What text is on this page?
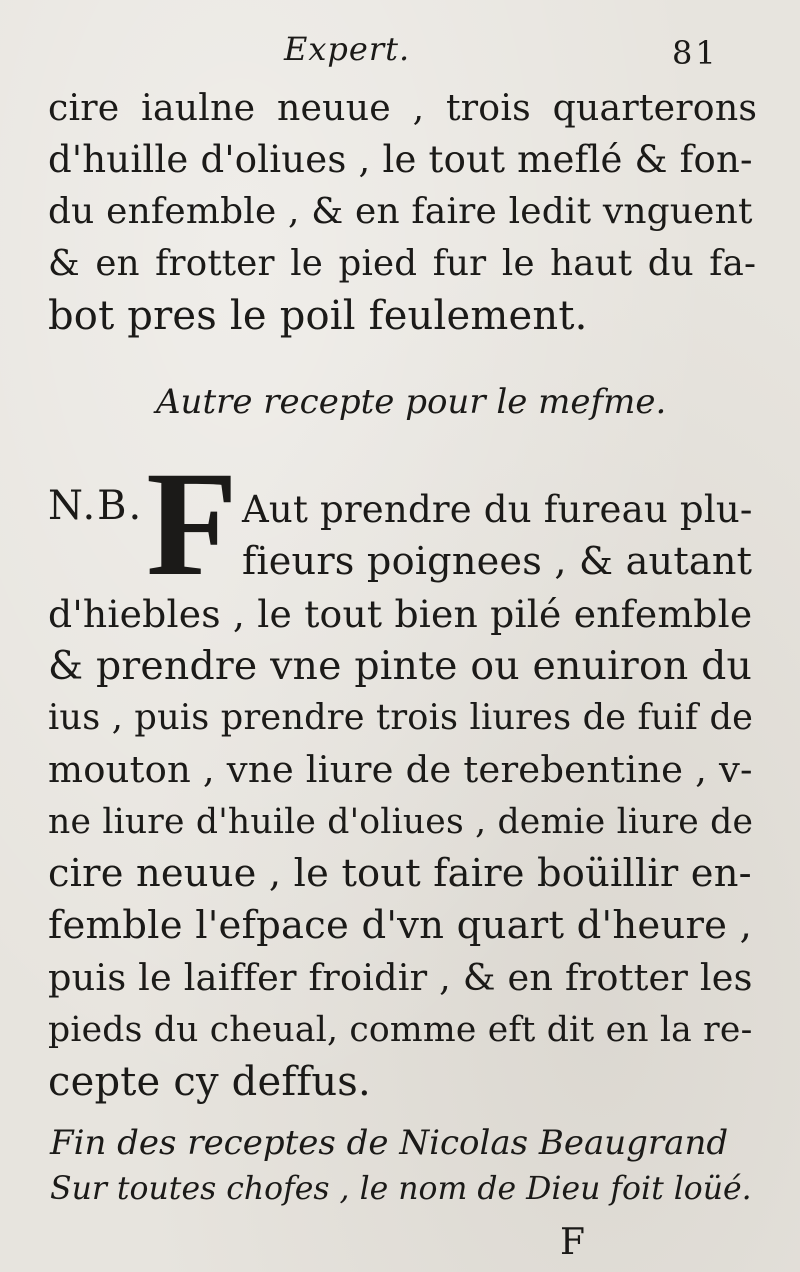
Expert.	81
cire iaulne neuue , trois quarterons
d'huille d'oliues , le tout meflé & fon-
du enfemble , & en faire ledit vnguent
& en frotter le pied fur le haut du fa-
bot pres le poil feulement.
Autre recepte pour le mefme.
N.B. F Aut prendre du fureau plu-
fieurs poignees , & autant
d'hiebles , le tout bien pilé enfemble
& prendre vne pinte ou enuiron du
ius , puis prendre trois liures de fuif de
mouton , vne liure de terebentine , v-
ne liure d'huile d'oliues , demie liure de
cire neuue , le tout faire boüillir en-
femble l'efpace d'vn quart d'heure ,
puis le laiffer froidir , & en frotter les
pieds du cheual, comme eft dit en la re-
cepte cy deffus.
Fin des receptes de Nicolas Beaugrand
Sur toutes chofes , le nom de Dieu foit loüé.
F
